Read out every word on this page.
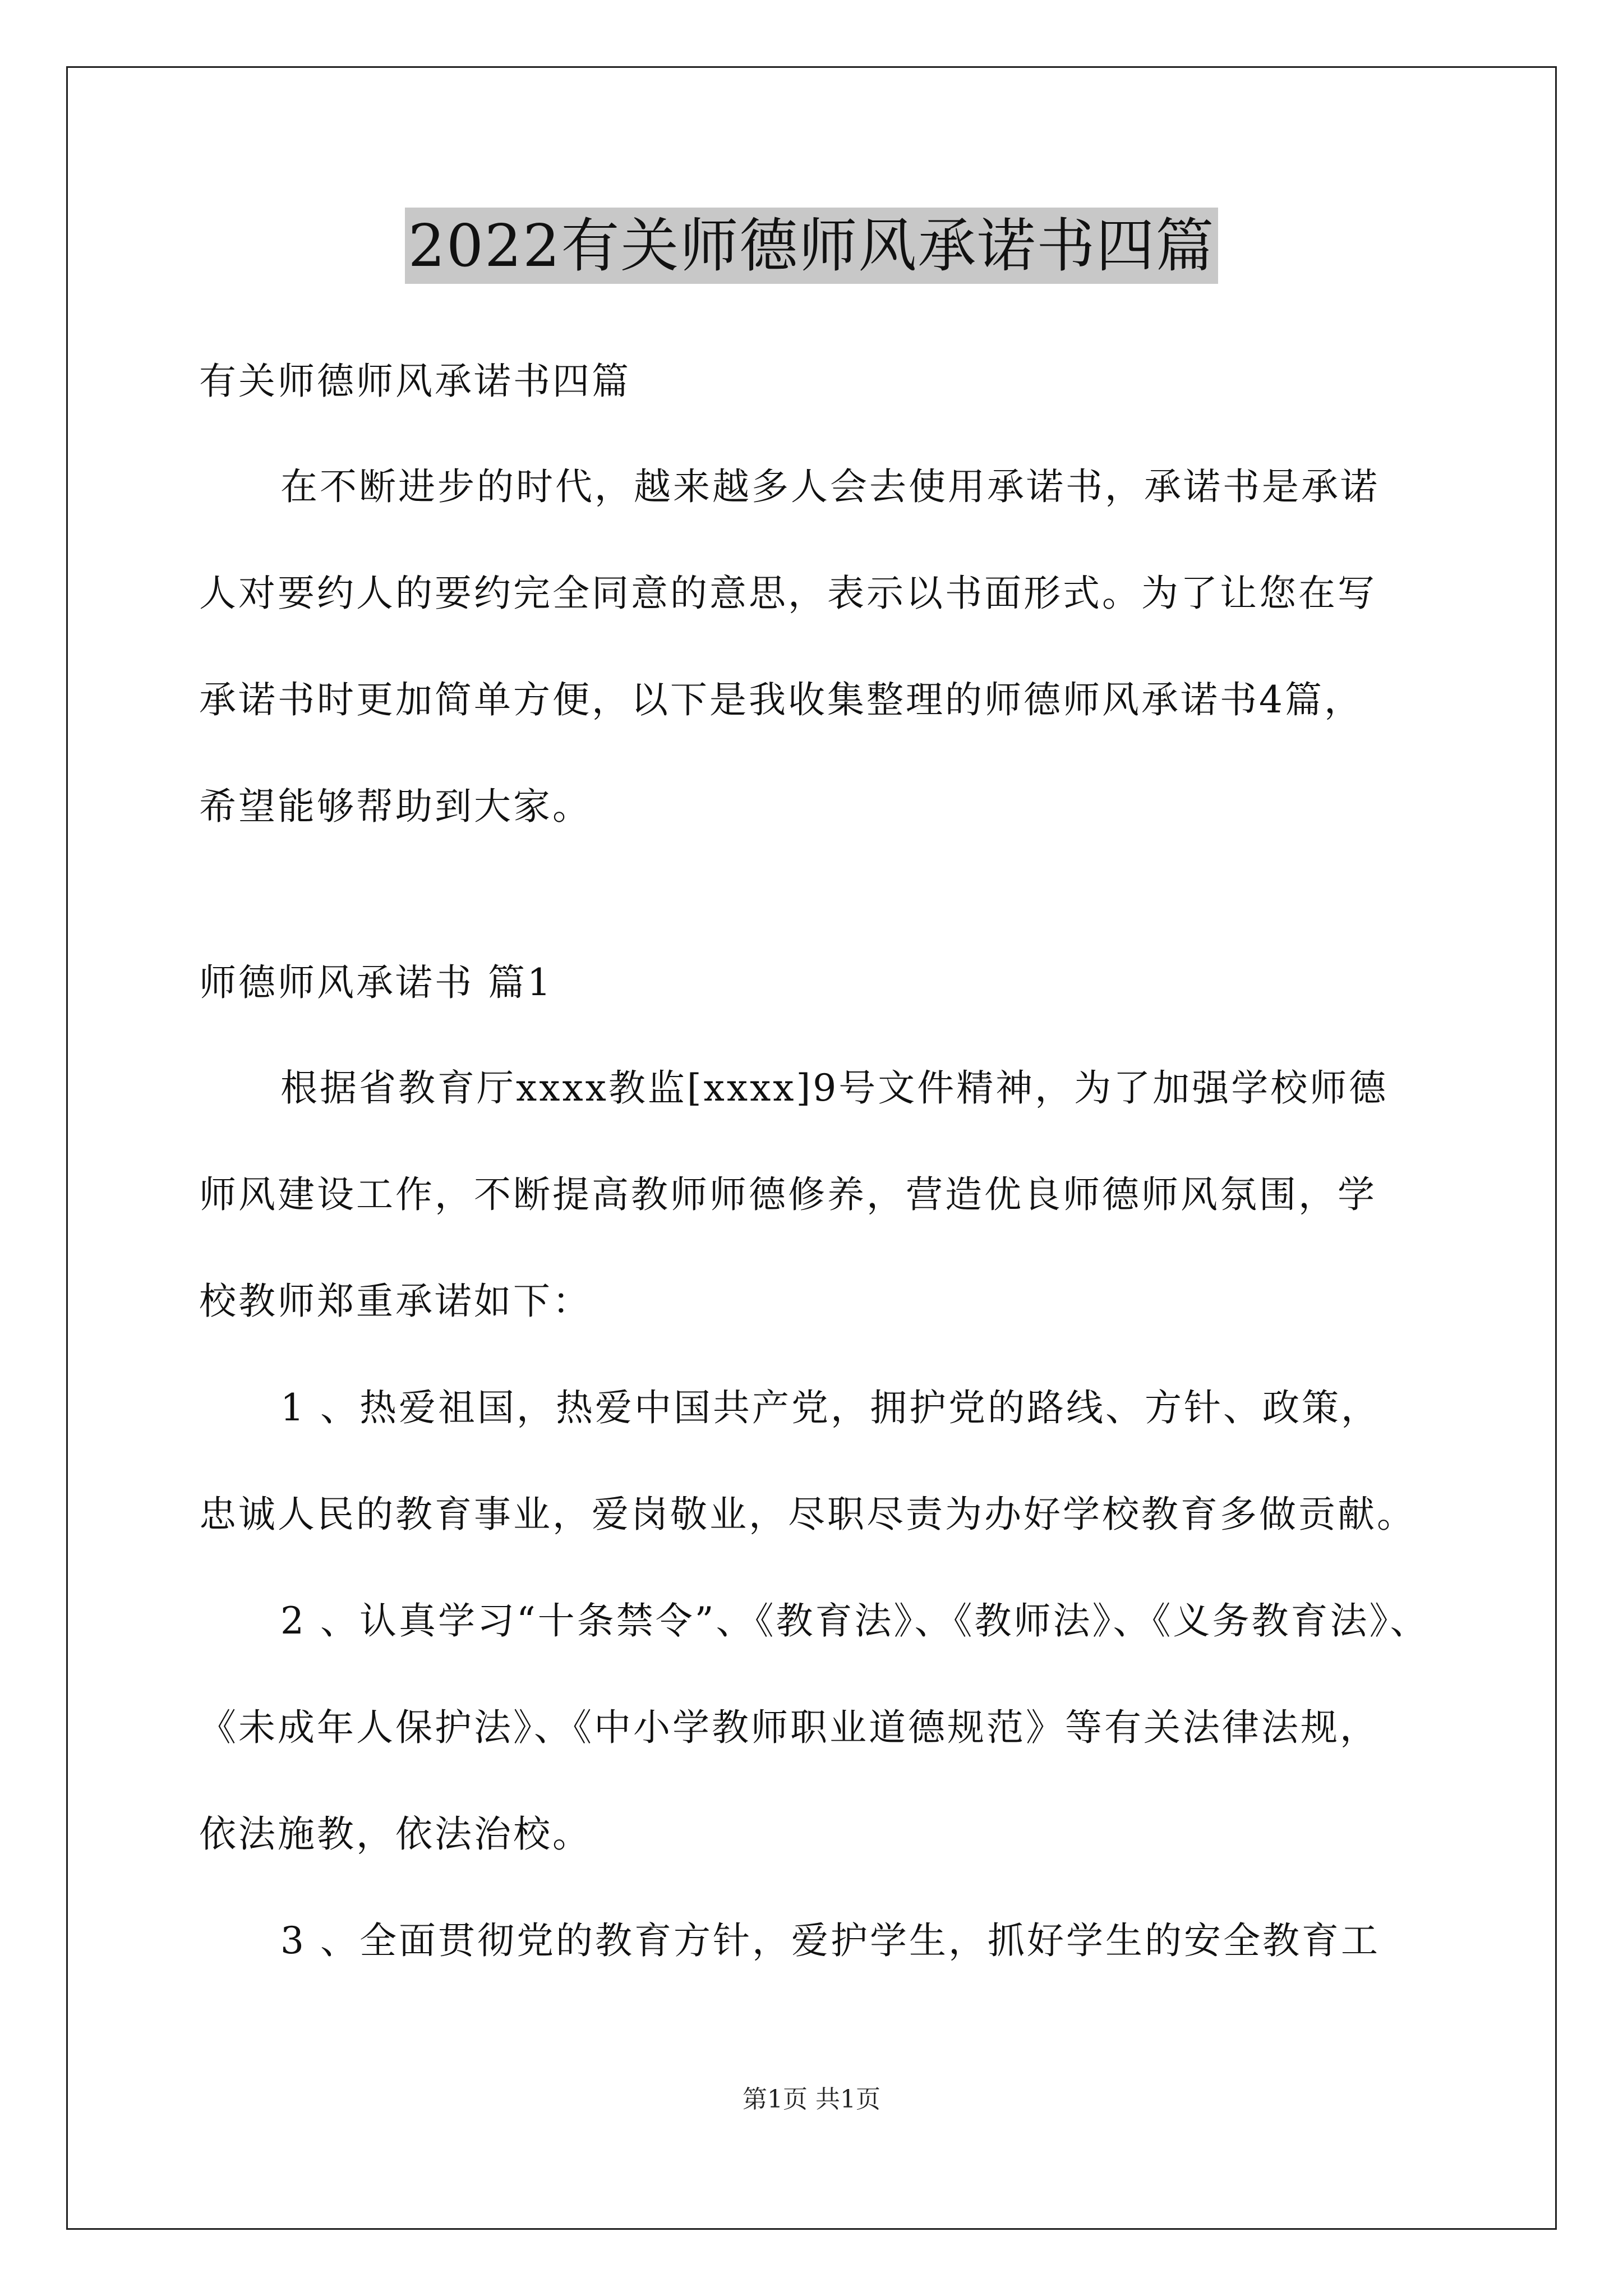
2022有关师德师风承诺书四篇
有关师德师风承诺书四篇
在不断进步的时代，越来越多人会去使用承诺书，承诺书是承诺
人对要约人的要约完全同意的意思，表示以书面形式。为了让您在写
承诺书时更加简单方便，以下是我收集整理的师德师风承诺书4篇，
希望能够帮助到大家。
师德师风承诺书 篇1
根据省教育厅xxxx教监[xxxx]9号文件精神，为了加强学校师德
师风建设工作，不断提高教师师德修养，营造优良师德师风氛围，学
校教师郑重承诺如下：
1 、热爱祖国，热爱中国共产党，拥护党的路线、方针、政策，
忠诚人民的教育事业，爱岗敬业，尽职尽责为办好学校教育多做贡献。
2 、认真学习“十条禁令”、《教育法》、《教师法》、《义务教育法》、
《未成年人保护法》、《中小学教师职业道德规范》等有关法律法规，
依法施教，依法治校。
3 、全面贯彻党的教育方针，爱护学生，抓好学生的安全教育工
第1页 共1页
